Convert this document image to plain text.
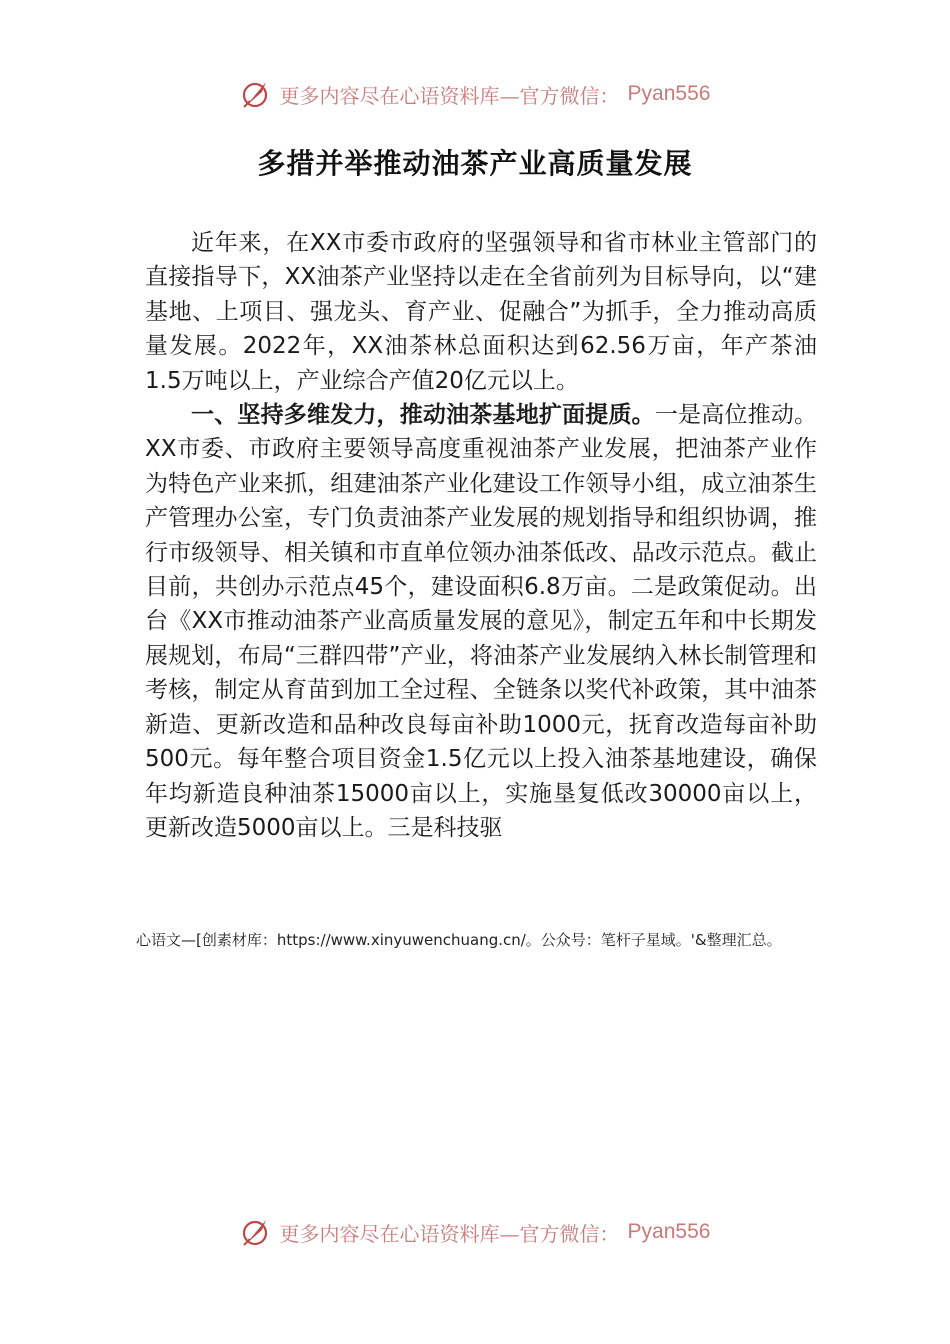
更多内容尽在心语资料库—官方微信： Pyan556
多措并举推动油茶产业高质量发展

近年来，在XX市委市政府的坚强领导和省市林业主管部门的直接指导下，XX油茶产业坚持以走在全省前列为目标导向，以“建基地、上项目、强龙头、育产业、促融合”为抓手，全力推动高质量发展。2022年，XX油茶林总面积达到62.56万亩，年产茶油1.5万吨以上，产业综合产值20亿元以上。

一、坚持多维发力，推动油茶基地扩面提质。一是高位推动。XX市委、市政府主要领导高度重视油茶产业发展，把油茶产业作为特色产业来抓，组建油茶产业化建设工作领导小组，成立油茶生产管理办公室，专门负责油茶产业发展的规划指导和组织协调，推行市级领导、相关镇和市直单位领办油茶低改、品改示范点。截止目前，共创办示范点45个，建设面积6.8万亩。二是政策促动。出台《XX市推动油茶产业高质量发展的意见》，制定五年和中长期发展规划，布局“三群四带”产业，将油茶产业发展纳入林长制管理和考核，制定从育苗到加工全过程、全链条以奖代补政策，其中油茶新造、更新改造和品种改良每亩补助1000元，抚育改造每亩补助500元。每年整合项目资金1.5亿元以上投入油茶基地建设，确保年均新造良种油茶15000亩以上，实施垦复低改30000亩以上，更新改造5000亩以上。三是科技驱

心语文—[创素材库：https://www.xinyuwenchuang.cn/。公众号：笔杆子星域。'&整理汇总。
更多内容尽在心语资料库—官方微信： Pyan556
